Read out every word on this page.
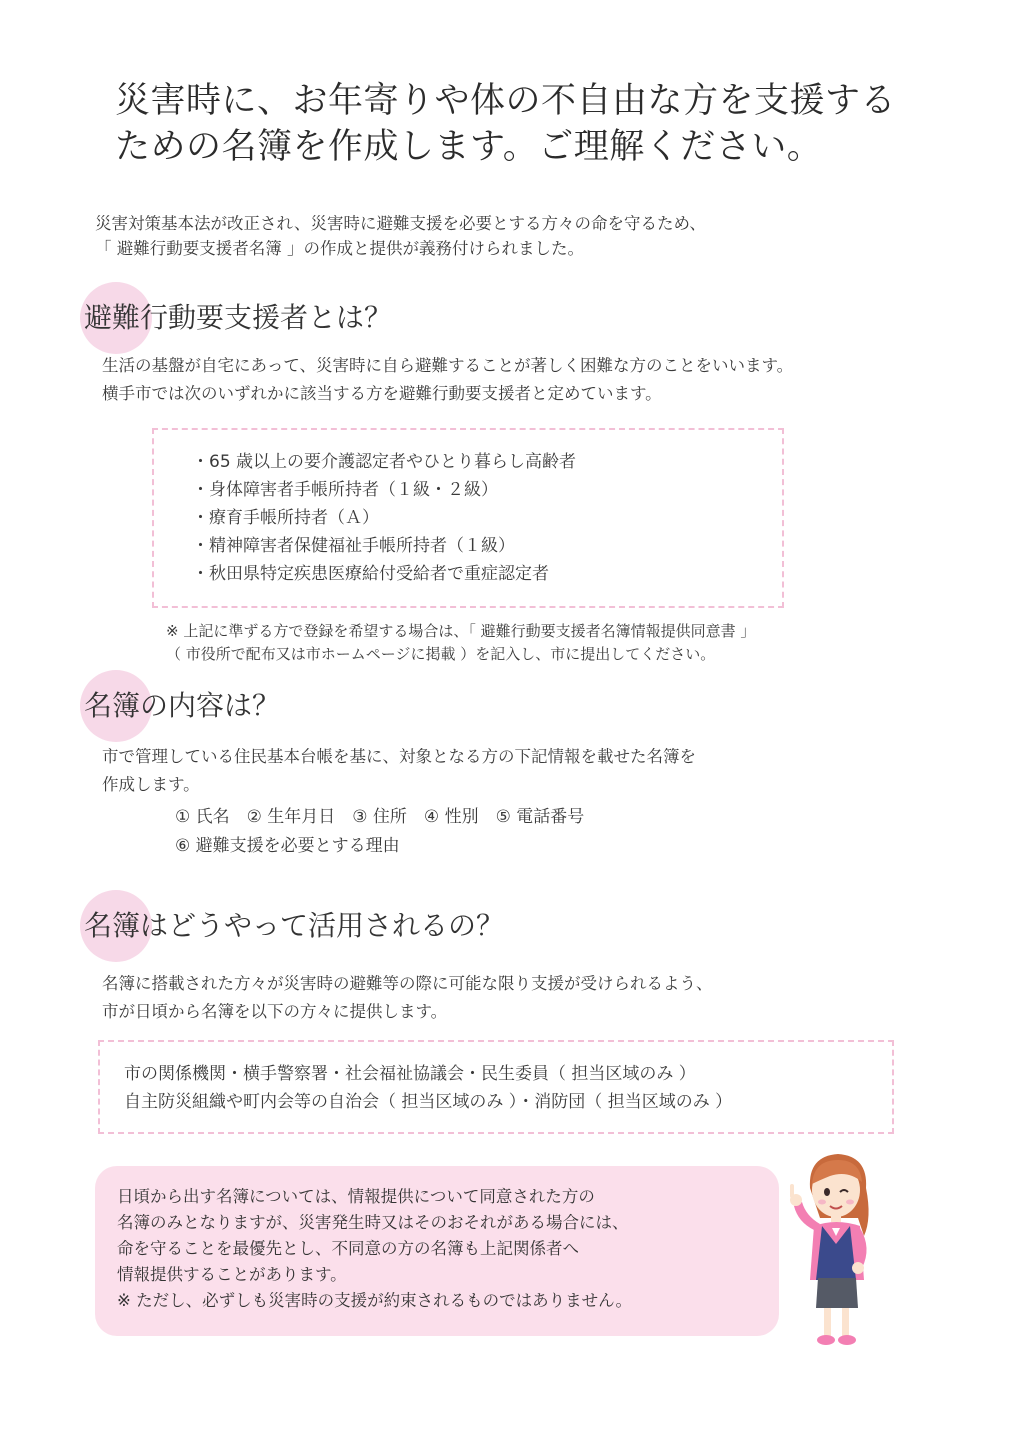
災害時に、お年寄りや体の不自由な方を支援する
ための名簿を作成します。ご理解ください。
災害対策基本法が改正され、災害時に避難支援を必要とする方々の命を守るため、
「 避難行動要支援者名簿 」の作成と提供が義務付けられました。
避難行動要支援者とは？
生活の基盤が自宅にあって、災害時に自ら避難することが著しく困難な方のことをいいます。
横手市では次のいずれかに該当する方を避難行動要支援者と定めています。
・65 歳以上の要介護認定者やひとり暮らし高齢者
・身体障害者手帳所持者（１級・２級）
・療育手帳所持者（Ａ）
・精神障害者保健福祉手帳所持者（１級）
・秋田県特定疾患医療給付受給者で重症認定者
※ 上記に準ずる方で登録を希望する場合は、「 避難行動要支援者名簿情報提供同意書 」
（ 市役所で配布又は市ホームページに掲載 ）を記入し、市に提出してください。
名簿の内容は？
市で管理している住民基本台帳を基に、対象となる方の下記情報を載せた名簿を
作成します。
① 氏名　② 生年月日　③ 住所　④ 性別　⑤ 電話番号
⑥ 避難支援を必要とする理由
名簿はどうやって活用されるの？
名簿に搭載された方々が災害時の避難等の際に可能な限り支援が受けられるよう、
市が日頃から名簿を以下の方々に提供します。
市の関係機関・横手警察署・社会福祉協議会・民生委員（ 担当区域のみ ）
自主防災組織や町内会等の自治会（ 担当区域のみ ）・消防団（ 担当区域のみ ）
日頃から出す名簿については、情報提供について同意された方の
名簿のみとなりますが、災害発生時又はそのおそれがある場合には、
命を守ることを最優先とし、不同意の方の名簿も上記関係者へ
情報提供することがあります。
※ ただし、必ずしも災害時の支援が約束されるものではありません。
